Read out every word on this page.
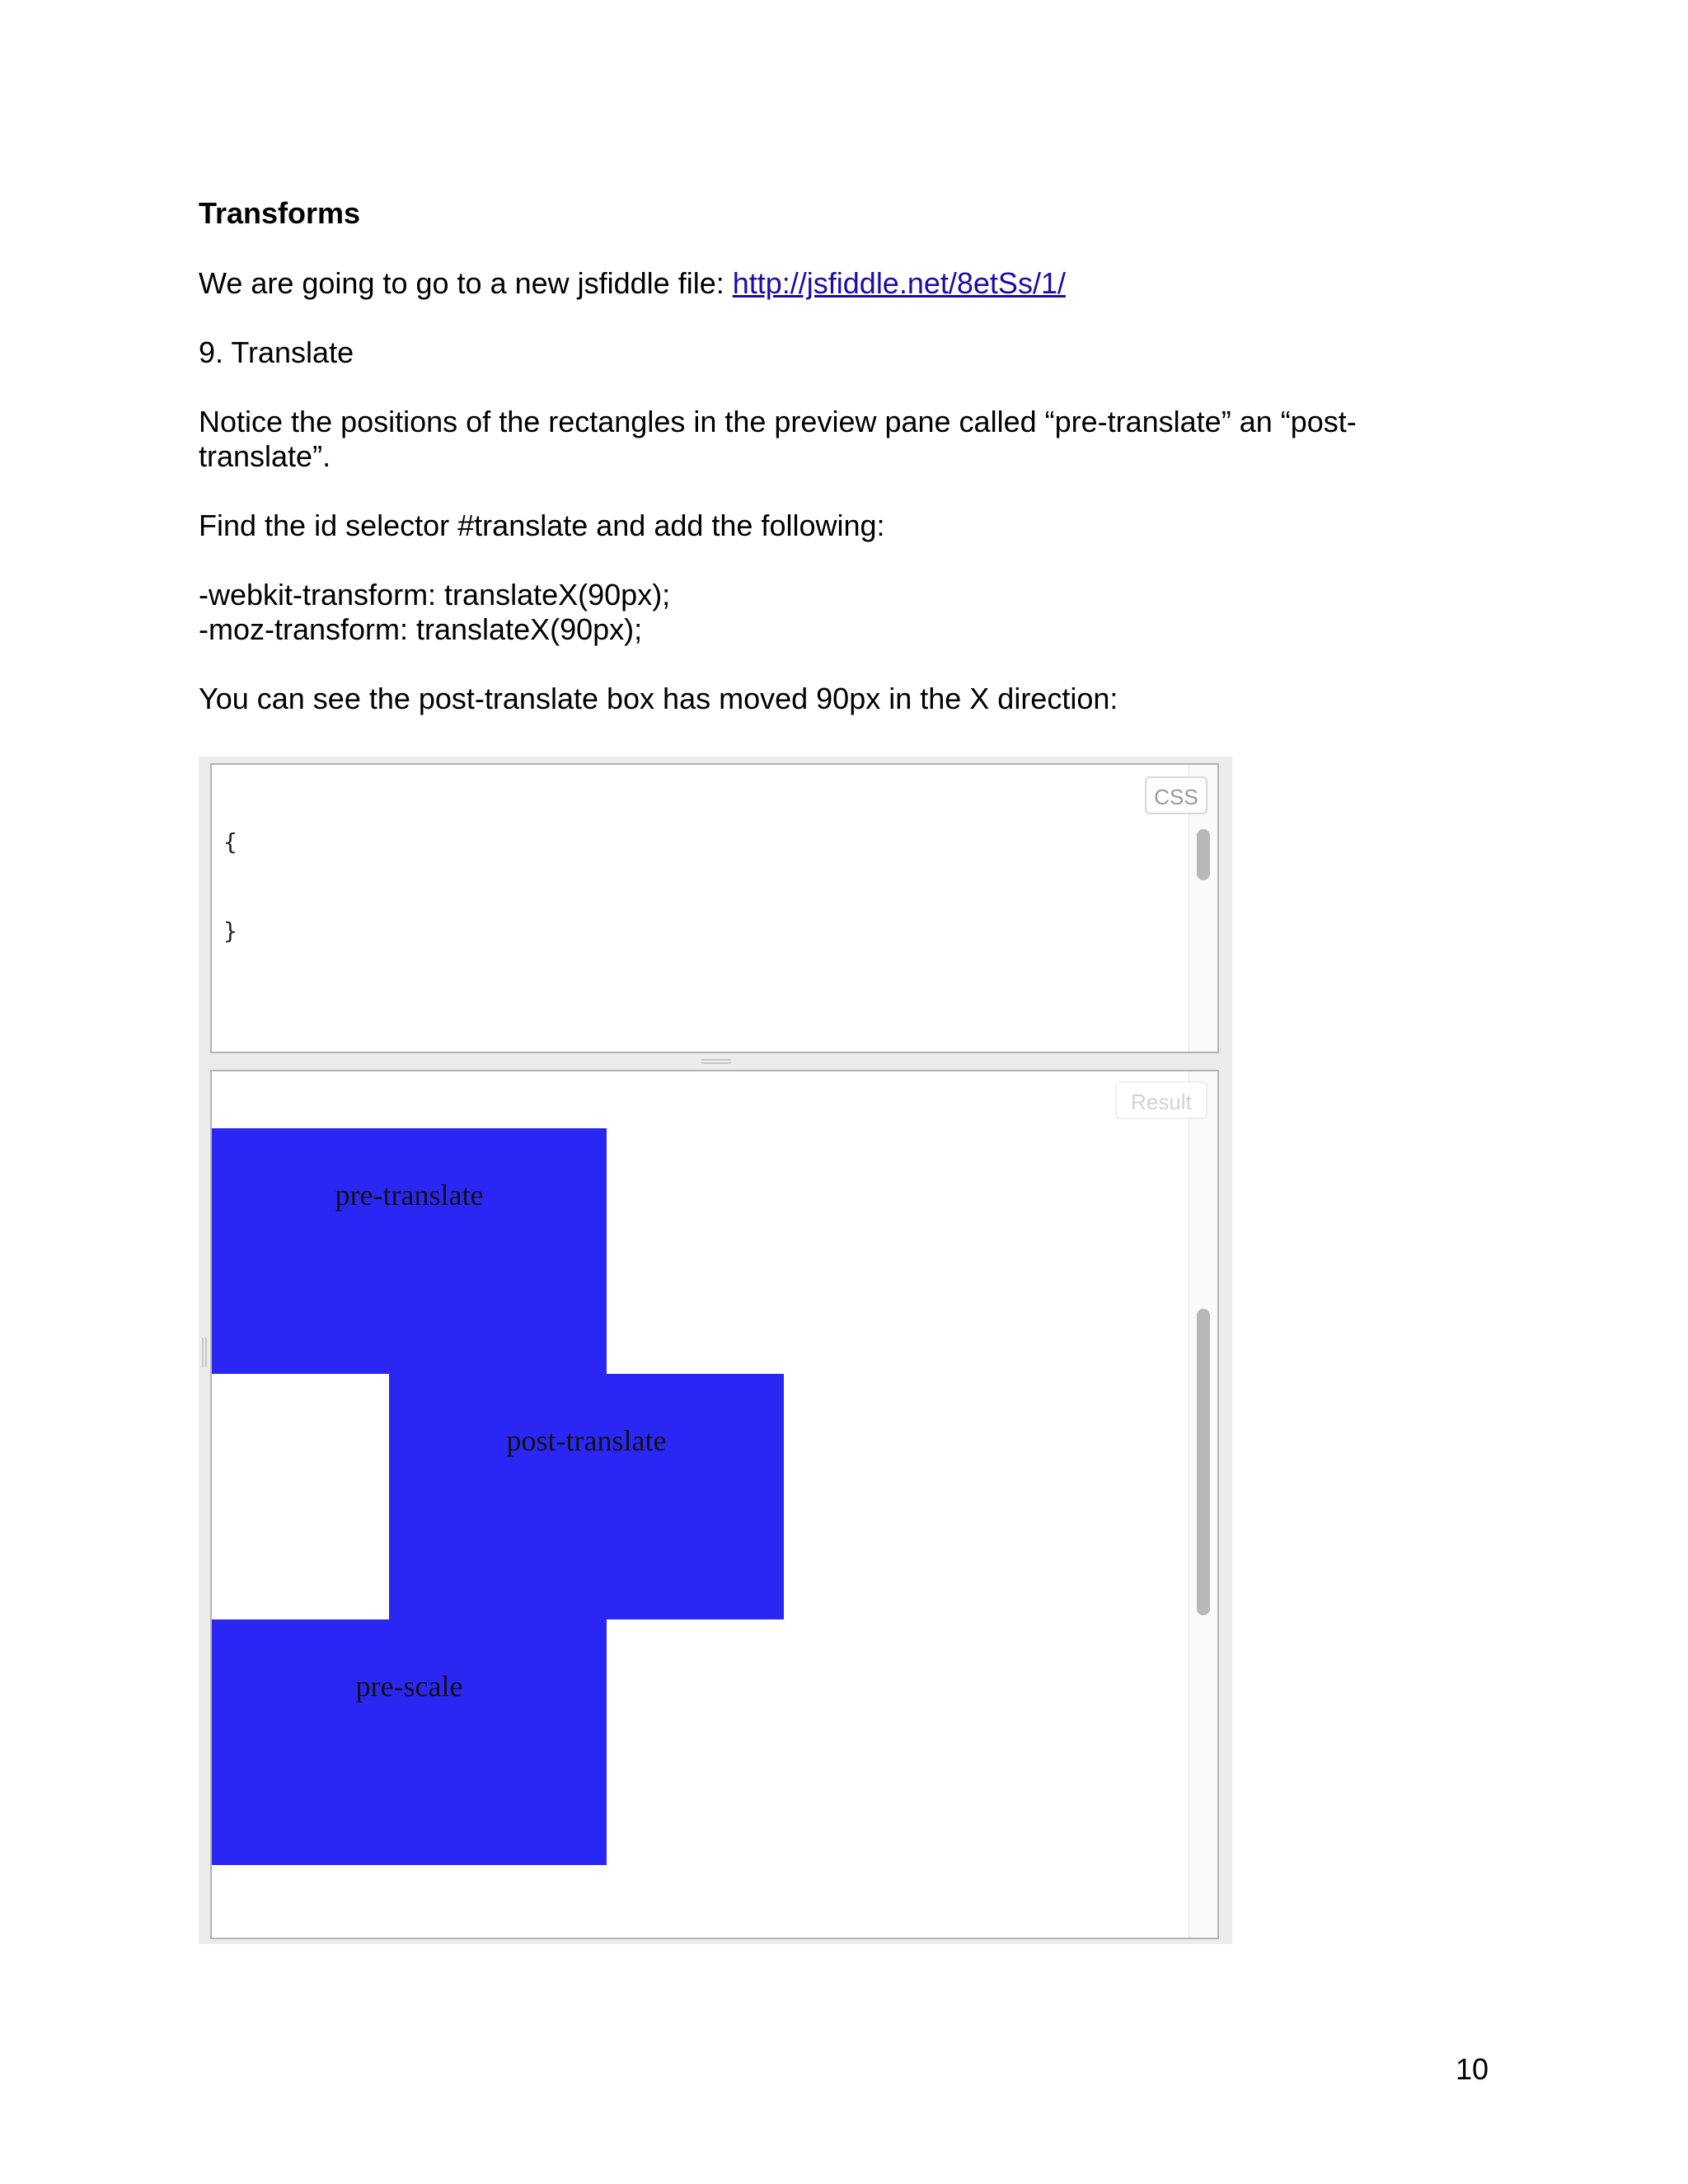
Transforms
We are going to go to a new jsfiddle file: http://jsfiddle.net/8etSs/1/
9. Translate
Notice the positions of the rectangles in the preview pane called “pre-translate” an “post-
translate”.
Find the id selector #translate and add the following:
-webkit-transform: translateX(90px);
-moz-transform: translateX(90px);
You can see the post-translate box has moved 90px in the X direction:

{

}

CSS
pre-translate
post-translate
pre-scale
Result
10
